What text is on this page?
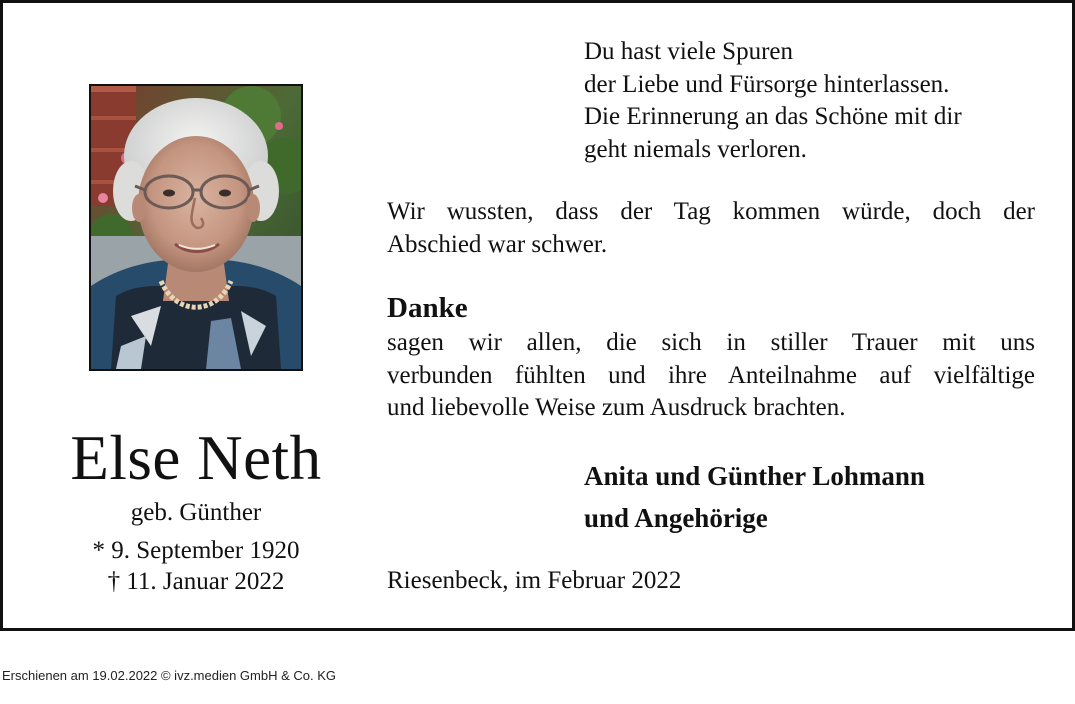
Else Neth
geb. Günther
* 9. September 1920
† 11. Januar 2022
Du hast viele Spuren
der Liebe und Fürsorge hinterlassen.
Die Erinnerung an das Schöne mit dir
geht niemals verloren.
Wir wussten, dass der Tag kommen würde, doch der
Abschied war schwer.
Danke
sagen wir allen, die sich in stiller Trauer mit uns
verbunden fühlten und ihre Anteilnahme auf vielfältige
und liebevolle Weise zum Ausdruck brachten.
Anita und Günther Lohmann
und Angehörige
Riesenbeck, im Februar 2022
Erschienen am 19.02.2022 © ivz.medien GmbH & Co. KG
